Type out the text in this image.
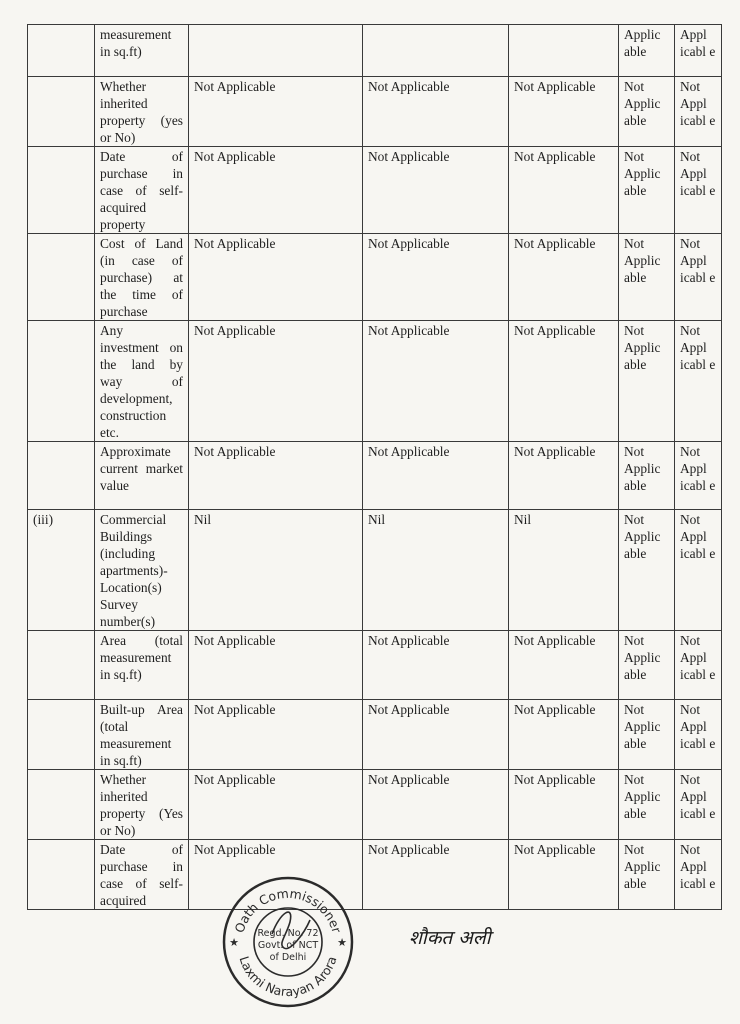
	measurement in sq.ft)				Applic able	Appl icabl e
	Whether inherited property (yes or No)	Not Applicable	Not Applicable	Not Applicable	Not Applic able	Not Appl icabl e
	Date of purchase in case of self-acquired property	Not Applicable	Not Applicable	Not Applicable	Not Applic able	Not Appl icabl e
	Cost of Land (in case of purchase) at the time of purchase	Not Applicable	Not Applicable	Not Applicable	Not Applic able	Not Appl icabl e
	Any investment on the land by way of development, construction etc.	Not Applicable	Not Applicable	Not Applicable	Not Applic able	Not Appl icabl e
	Approximate current market value	Not Applicable	Not Applicable	Not Applicable	Not Applic able	Not Appl icabl e
(iii)	Commercial Buildings (including apartments)- Location(s) Survey number(s)	Nil	Nil	Nil	Not Applic able	Not Appl icabl e
	Area (total measurement in sq.ft)	Not Applicable	Not Applicable	Not Applicable	Not Applic able	Not Appl icabl e
	Built-up Area (total measurement in sq.ft)	Not Applicable	Not Applicable	Not Applicable	Not Applic able	Not Appl icabl e
	Whether inherited property (Yes or No)	Not Applicable	Not Applicable	Not Applicable	Not Applic able	Not Appl icabl e
	Date of purchase in case of self-acquired	Not Applicable	Not Applicable	Not Applicable	Not Applic able	Not Appl icabl e
Oath Commissioner
Laxmi Narayan Arora
Regd. No. 72
Govt. of NCT
of Delhi
★	★	शौकत अली
